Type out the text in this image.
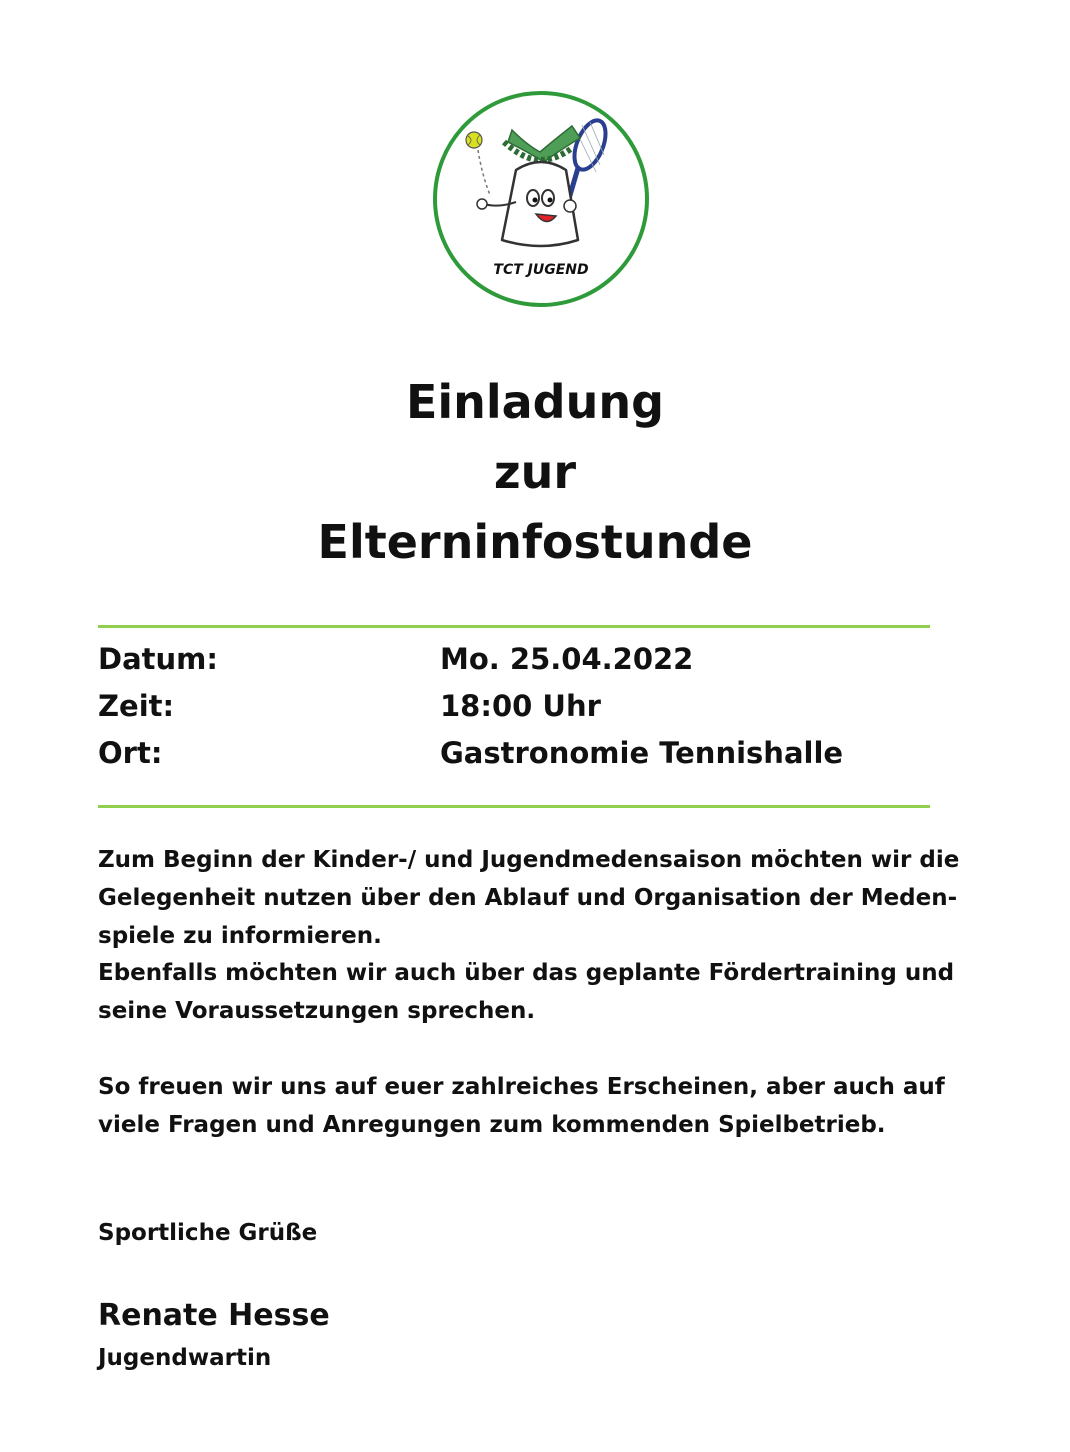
TCT JUGEND
Einladung
zur
Elterninfostunde
Datum:	Mo. 25.04.2022
Zeit:	18:00 Uhr
Ort:	Gastronomie Tennishalle

Zum Beginn der Kinder-/ und Jugendmedensaison möchten wir die

Gelegenheit nutzen über den Ablauf und Organisation der Meden-

spiele zu informieren.

Ebenfalls möchten wir auch über das geplante Fördertraining und

seine Voraussetzungen sprechen.

So freuen wir uns auf euer zahlreiches Erscheinen, aber auch auf

viele Fragen und Anregungen zum kommenden Spielbetrieb.

Sportliche Grüße
Renate Hesse
Jugendwartin
